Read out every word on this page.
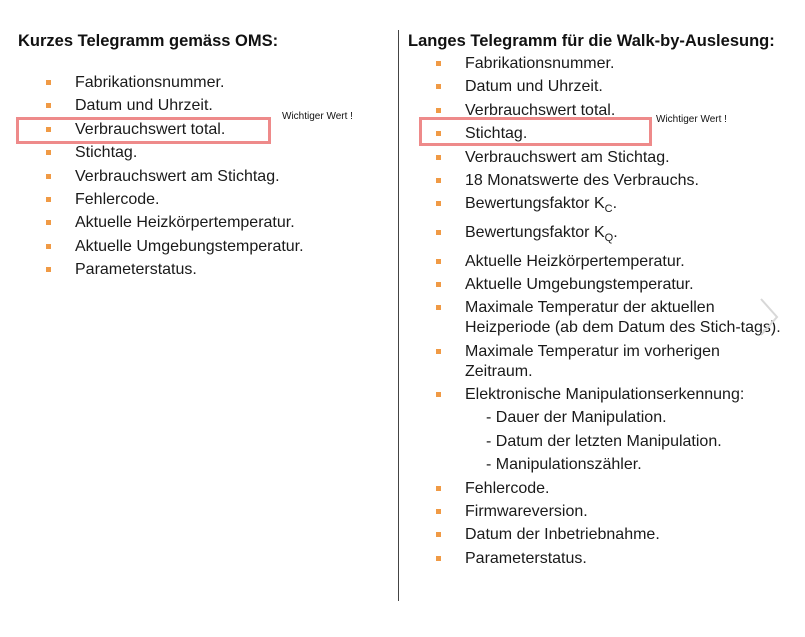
Kurzes Telegramm gemäss OMS:
Fabrikationsnummer.
Datum und Uhrzeit.
Verbrauchswert total.
Stichtag.
Verbrauchswert am Stichtag.
Fehlercode.
Aktuelle Heizkörpertemperatur.
Aktuelle Umgebungstemperatur.
Parameterstatus.
Langes Telegramm für die Walk-by-Auslesung:
Fabrikationsnummer.
Datum und Uhrzeit.
Verbrauchswert total.
Stichtag.
Verbrauchswert am Stichtag.
18 Monatswerte des Verbrauchs.
Bewertungsfaktor $K_C$.
Bewertungsfaktor $K_Q$.
Aktuelle Heizkörpertemperatur.
Aktuelle Umgebungstemperatur.
Maximale Temperatur der aktuellen Heizperiode (ab dem Datum des Stich-tags).
Maximale Temperatur im vorherigen Zeitraum.
Elektronische Manipulationserkennung:
- Dauer der Manipulation.
- Datum der letzten Manipulation.
- Manipulationszähler.
Fehlercode.
Firmwareversion.
Datum der Inbetriebnahme.
Parameterstatus.
Wichtiger Wert !	Wichtiger Wert !
